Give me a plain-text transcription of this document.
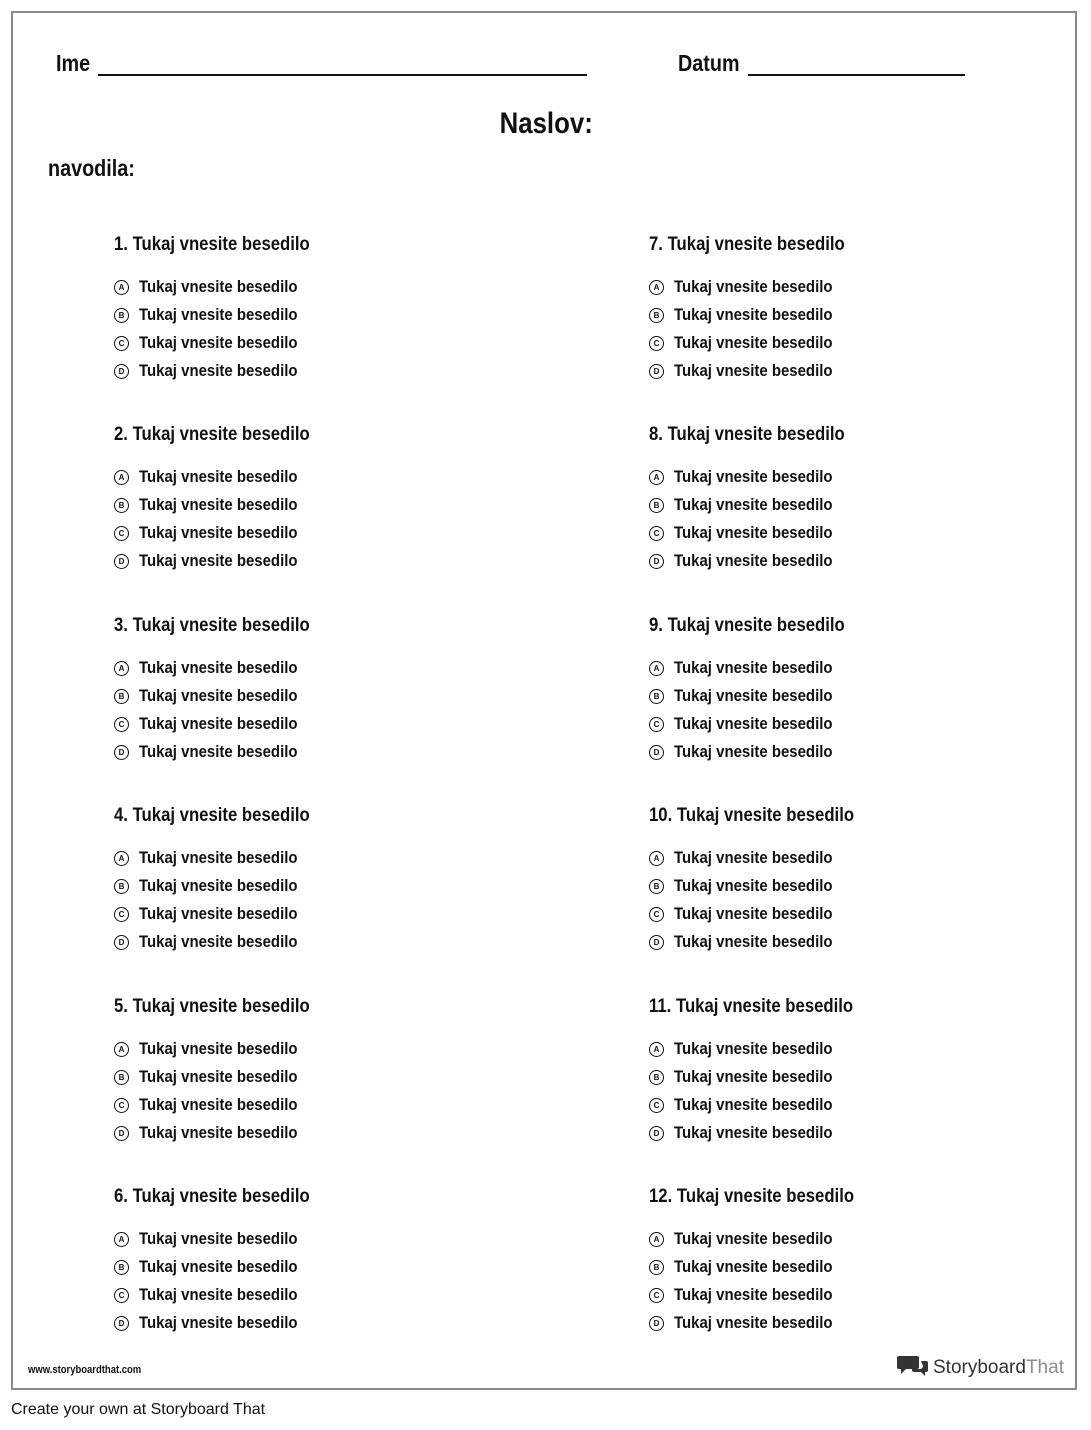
Ime	Datum
Naslov:
navodila:
1. Tukaj vnesite besedilo
A Tukaj vnesite besedilo
B Tukaj vnesite besedilo
C Tukaj vnesite besedilo
D Tukaj vnesite besedilo
2. Tukaj vnesite besedilo
A Tukaj vnesite besedilo
B Tukaj vnesite besedilo
C Tukaj vnesite besedilo
D Tukaj vnesite besedilo
3. Tukaj vnesite besedilo
A Tukaj vnesite besedilo
B Tukaj vnesite besedilo
C Tukaj vnesite besedilo
D Tukaj vnesite besedilo
4. Tukaj vnesite besedilo
A Tukaj vnesite besedilo
B Tukaj vnesite besedilo
C Tukaj vnesite besedilo
D Tukaj vnesite besedilo
5. Tukaj vnesite besedilo
A Tukaj vnesite besedilo
B Tukaj vnesite besedilo
C Tukaj vnesite besedilo
D Tukaj vnesite besedilo
6. Tukaj vnesite besedilo
A Tukaj vnesite besedilo
B Tukaj vnesite besedilo
C Tukaj vnesite besedilo
D Tukaj vnesite besedilo
7. Tukaj vnesite besedilo
A Tukaj vnesite besedilo
B Tukaj vnesite besedilo
C Tukaj vnesite besedilo
D Tukaj vnesite besedilo
8. Tukaj vnesite besedilo
A Tukaj vnesite besedilo
B Tukaj vnesite besedilo
C Tukaj vnesite besedilo
D Tukaj vnesite besedilo
9. Tukaj vnesite besedilo
A Tukaj vnesite besedilo
B Tukaj vnesite besedilo
C Tukaj vnesite besedilo
D Tukaj vnesite besedilo
10. Tukaj vnesite besedilo
A Tukaj vnesite besedilo
B Tukaj vnesite besedilo
C Tukaj vnesite besedilo
D Tukaj vnesite besedilo
11. Tukaj vnesite besedilo
A Tukaj vnesite besedilo
B Tukaj vnesite besedilo
C Tukaj vnesite besedilo
D Tukaj vnesite besedilo
12. Tukaj vnesite besedilo
A Tukaj vnesite besedilo
B Tukaj vnesite besedilo
C Tukaj vnesite besedilo
D Tukaj vnesite besedilo
www.storyboardthat.com	StoryboardThat
Create your own at Storyboard That
